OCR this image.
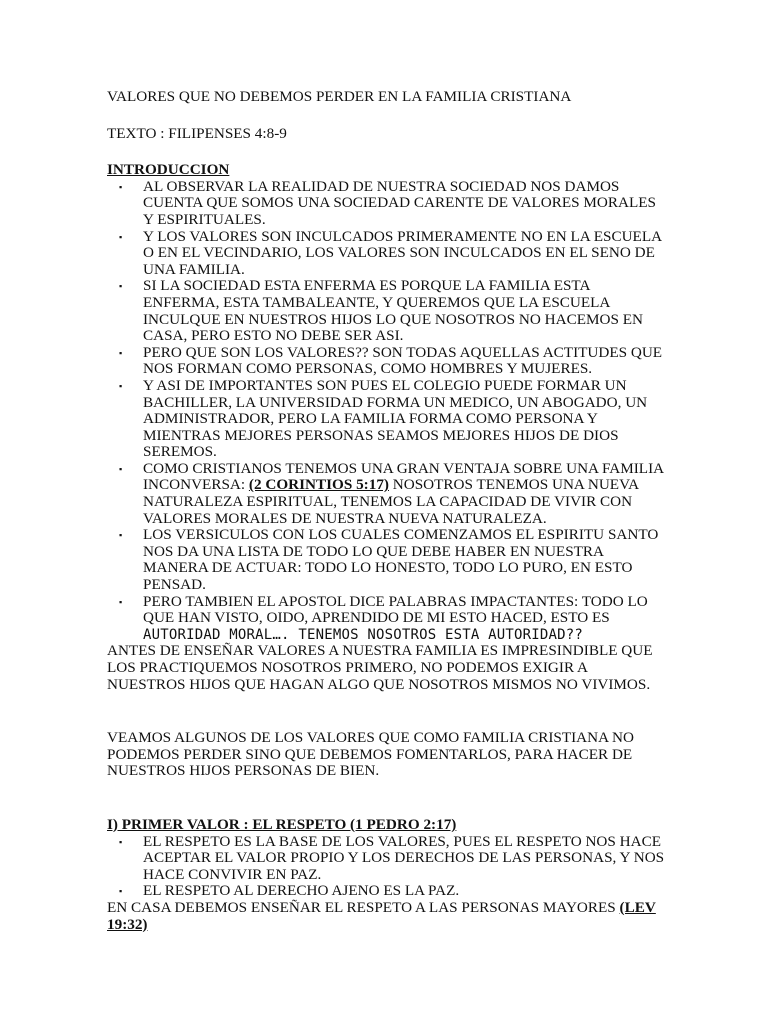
VALORES QUE NO DEBEMOS PERDER EN LA FAMILIA CRISTIANA

TEXTO : FILIPENSES 4:8-9

INTRODUCCION

▪ AL OBSERVAR LA REALIDAD DE NUESTRA SOCIEDAD NOS DAMOS CUENTA QUE SOMOS UNA SOCIEDAD CARENTE DE VALORES MORALES Y ESPIRITUALES.
▪ Y LOS VALORES SON INCULCADOS PRIMERAMENTE NO EN LA ESCUELA O EN EL VECINDARIO, LOS VALORES SON INCULCADOS EN EL SENO DE UNA FAMILIA.
▪ SI LA SOCIEDAD ESTA ENFERMA ES PORQUE LA FAMILIA ESTA ENFERMA, ESTA TAMBALEANTE, Y QUEREMOS QUE LA ESCUELA INCULQUE EN NUESTROS HIJOS LO QUE NOSOTROS NO HACEMOS EN CASA, PERO ESTO NO DEBE SER ASI.
▪ PERO QUE SON LOS VALORES?? SON TODAS AQUELLAS ACTITUDES QUE NOS FORMAN COMO PERSONAS, COMO HOMBRES Y MUJERES.
▪ Y ASI DE IMPORTANTES SON PUES EL COLEGIO PUEDE FORMAR UN BACHILLER, LA UNIVERSIDAD FORMA UN MEDICO, UN ABOGADO, UN ADMINISTRADOR, PERO LA FAMILIA FORMA COMO PERSONA Y MIENTRAS MEJORES PERSONAS SEAMOS MEJORES HIJOS DE DIOS SEREMOS.
▪ COMO CRISTIANOS TENEMOS UNA GRAN VENTAJA SOBRE UNA FAMILIA INCONVERSA: (2 CORINTIOS 5:17) NOSOTROS TENEMOS UNA NUEVA NATURALEZA ESPIRITUAL, TENEMOS LA CAPACIDAD DE VIVIR CON VALORES MORALES DE NUESTRA NUEVA NATURALEZA.
▪ LOS VERSICULOS CON LOS CUALES COMENZAMOS EL ESPIRITU SANTO NOS DA UNA LISTA DE TODO LO QUE DEBE HABER EN NUESTRA MANERA DE ACTUAR: TODO LO HONESTO, TODO LO PURO, EN ESTO PENSAD.
▪ PERO TAMBIEN EL APOSTOL DICE PALABRAS IMPACTANTES: TODO LO QUE HAN VISTO, OIDO, APRENDIDO DE MI ESTO HACED, ESTO ES AUTORIDAD MORAL…. TENEMOS NOSOTROS ESTA AUTORIDAD??

ANTES DE ENSEÑAR VALORES A NUESTRA FAMILIA ES IMPRESINDIBLE QUE LOS PRACTIQUEMOS NOSOTROS PRIMERO, NO PODEMOS EXIGIR A NUESTROS HIJOS QUE HAGAN ALGO QUE NOSOTROS MISMOS NO VIVIMOS.

VEAMOS ALGUNOS DE LOS VALORES QUE COMO FAMILIA CRISTIANA NO PODEMOS PERDER SINO QUE DEBEMOS FOMENTARLOS, PARA HACER DE NUESTROS HIJOS PERSONAS DE BIEN.

I) PRIMER VALOR : EL RESPETO (1 PEDRO 2:17)

▪ EL RESPETO ES LA BASE DE LOS VALORES, PUES EL RESPETO NOS HACE ACEPTAR EL VALOR PROPIO Y LOS DERECHOS DE LAS PERSONAS, Y NOS HACE CONVIVIR EN PAZ.
▪ EL RESPETO AL DERECHO AJENO ES LA PAZ.

EN CASA DEBEMOS ENSEÑAR EL RESPETO A LAS PERSONAS MAYORES (LEV 19:32)
